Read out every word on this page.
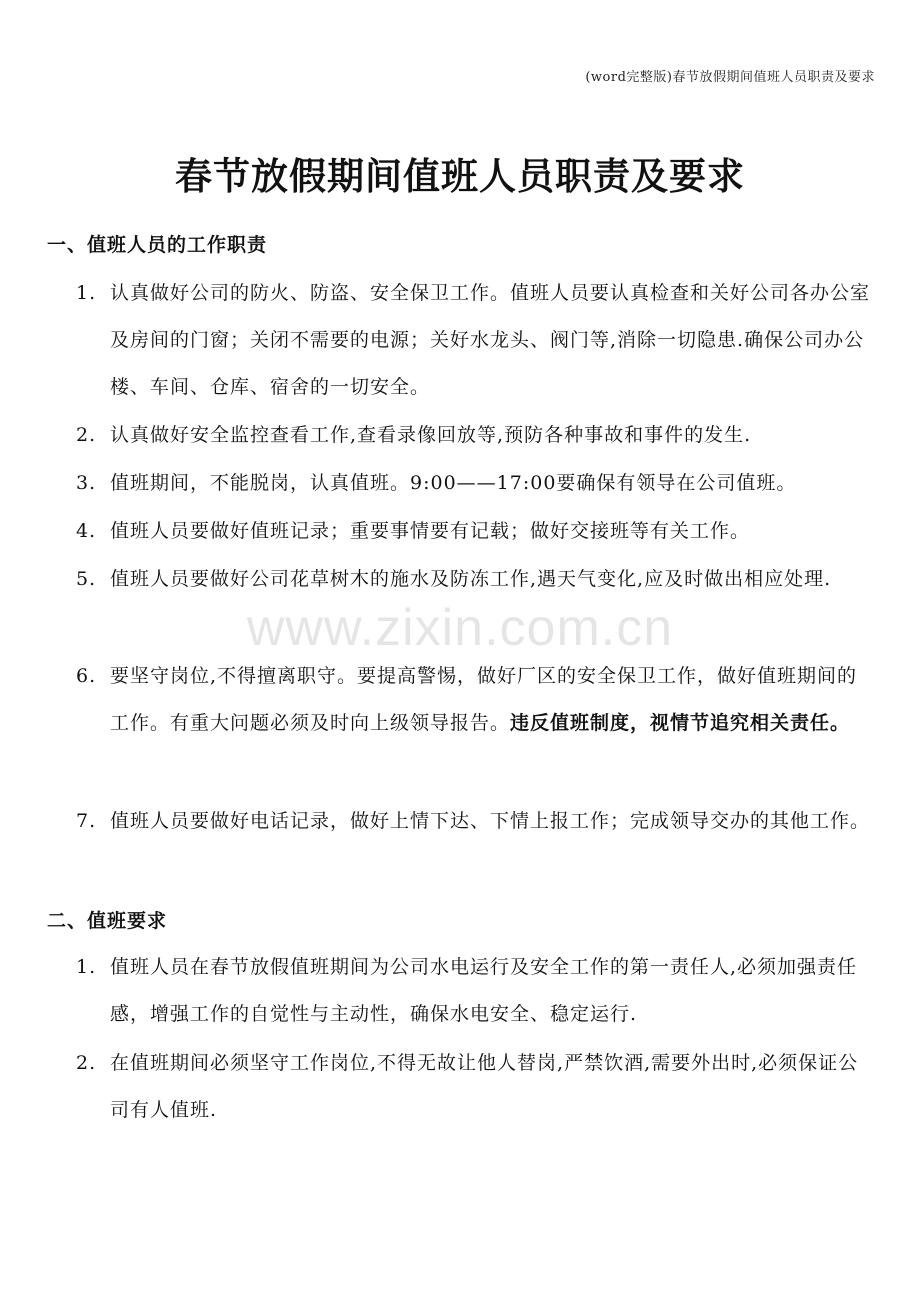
(word完整版)春节放假期间值班人员职责及要求
春节放假期间值班人员职责及要求
www.zixin.com.cn
一、值班人员的工作职责
1. 认真做好公司的防火、防盗、安全保卫工作。值班人员要认真检查和关好公司各办公室及房间的门窗；关闭不需要的电源；关好水龙头、阀门等,消除一切隐患.确保公司办公楼、车间、仓库、宿舍的一切安全。
2. 认真做好安全监控查看工作,查看录像回放等,预防各种事故和事件的发生.
3. 值班期间，不能脱岗，认真值班。9:00——17:00要确保有领导在公司值班。
4. 值班人员要做好值班记录；重要事情要有记载；做好交接班等有关工作。
5. 值班人员要做好公司花草树木的施水及防冻工作,遇天气变化,应及时做出相应处理.
6. 要坚守岗位,不得擅离职守。要提高警惕，做好厂区的安全保卫工作，做好值班期间的工作。有重大问题必须及时向上级领导报告。违反值班制度，视情节追究相关责任。
7. 值班人员要做好电话记录，做好上情下达、下情上报工作；完成领导交办的其他工作。
二、值班要求
1. 值班人员在春节放假值班期间为公司水电运行及安全工作的第一责任人,必须加强责任感，增强工作的自觉性与主动性，确保水电安全、稳定运行.
2. 在值班期间必须坚守工作岗位,不得无故让他人替岗,严禁饮酒,需要外出时,必须保证公司有人值班.
